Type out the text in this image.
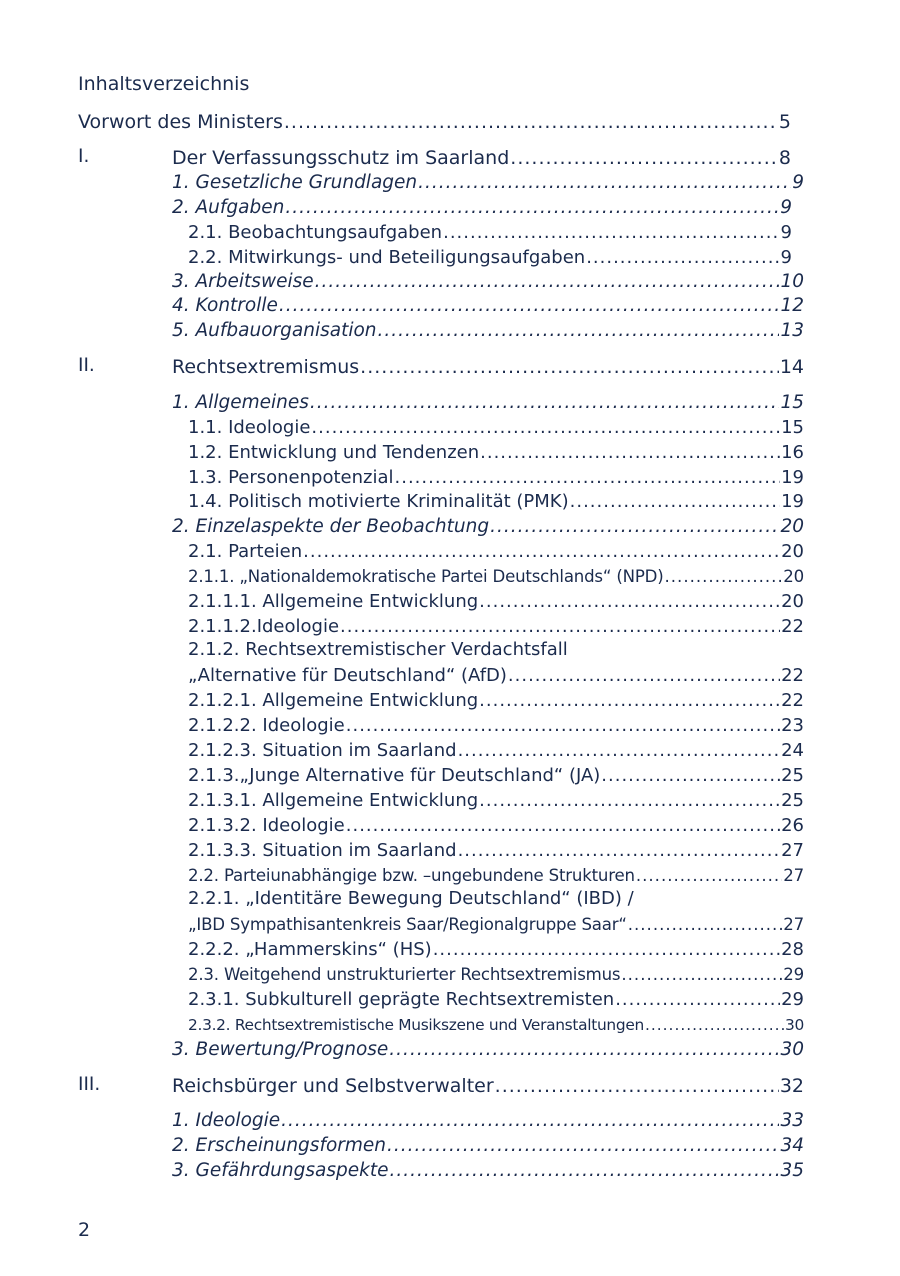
Inhaltsverzeichnis
Vorwort des Ministers .....	5
I.	Der Verfassungsschutz im Saarland .....	8
1. Gesetzliche Grundlagen .....	9
2. Aufgaben .....	9
2.1. Beobachtungsaufgaben .....	9
2.2. Mitwirkungs- und Beteiligungsaufgaben .....	9
3. Arbeitsweise .....	10
4. Kontrolle .....	12
5. Aufbauorganisation .....	13
II.	Rechtsextremismus .....	14
1. Allgemeines .....	15
1.1. Ideologie .....	15
1.2. Entwicklung und Tendenzen .....	16
1.3. Personenpotenzial .....	19
1.4. Politisch motivierte Kriminalität (PMK) .....	19
2. Einzelaspekte der Beobachtung .....	20
2.1. Parteien .....	20
2.1.1. „Nationaldemokratische Partei Deutschlands“ (NPD) .....	20
2.1.1.1. Allgemeine Entwicklung .....	20
2.1.1.2.Ideologie .....	22
2.1.2. Rechtsextremistischer Verdachtsfall
„Alternative für Deutschland“ (AfD) .....	22
2.1.2.1. Allgemeine Entwicklung .....	22
2.1.2.2. Ideologie .....	23
2.1.2.3. Situation im Saarland .....	24
2.1.3.„Junge Alternative für Deutschland“ (JA) .....	25
2.1.3.1. Allgemeine Entwicklung .....	25
2.1.3.2. Ideologie .....	26
2.1.3.3. Situation im Saarland .....	27
2.2. Parteiunabhängige bzw. –ungebundene Strukturen .....	27
2.2.1. „Identitäre Bewegung Deutschland“ (IBD) /
„IBD Sympathisantenkreis Saar/Regionalgruppe Saar“ .....	27
2.2.2. „Hammerskins“ (HS) .....	28
2.3. Weitgehend unstrukturierter Rechtsextremismus .....	29
2.3.1. Subkulturell geprägte Rechtsextremisten .....	29
2.3.2. Rechtsextremistische Musikszene und Veranstaltungen .....	30
3. Bewertung/Prognose .....	30
III.	Reichsbürger und Selbstverwalter .....	32
1. Ideologie .....	33
2. Erscheinungsformen .....	34
3. Gefährdungsaspekte .....	35
2
